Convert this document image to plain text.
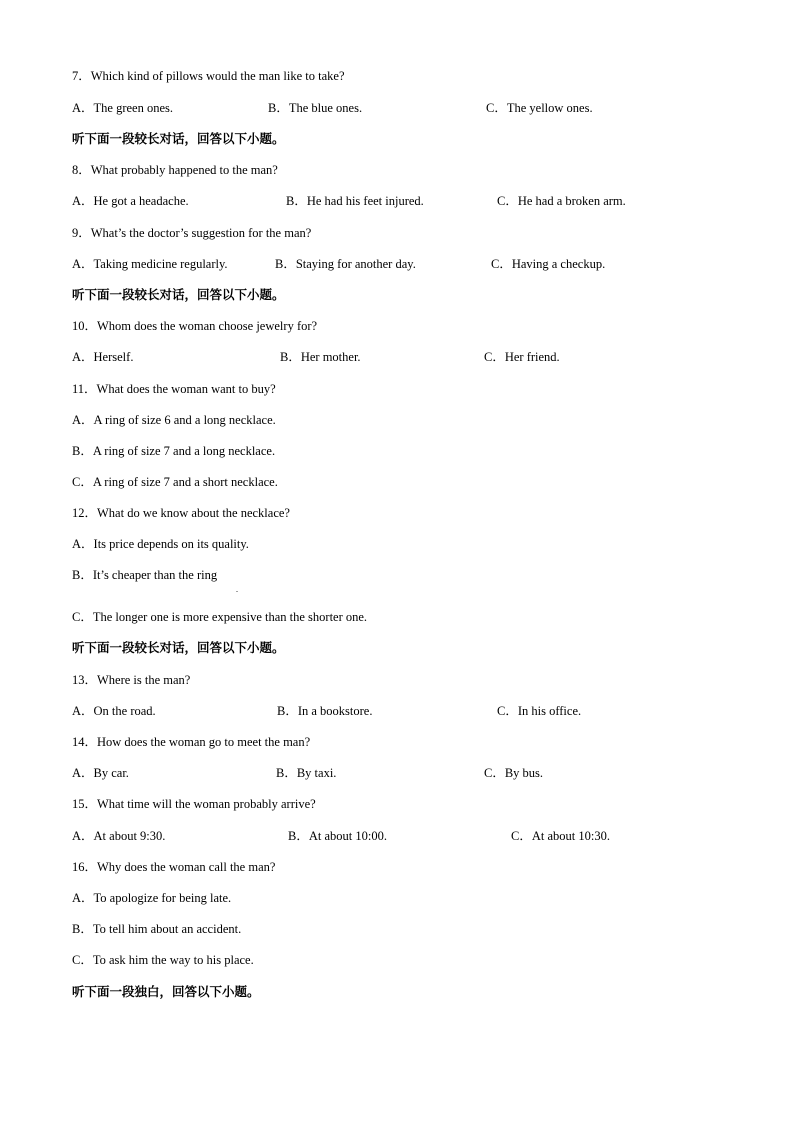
7．Which kind of pillows would the man like to take?
A．The green ones.	B．The blue ones.	C．The yellow ones.
听下面一段较长对话，回答以下小题。
8．What probably happened to the man?
A．He got a headache.	B．He had his feet injured.	C．He had a broken arm.
9．What’s the doctor’s suggestion for the man?
A．Taking medicine regularly.	B．Staying for another day.	C．Having a checkup.
听下面一段较长对话，回答以下小题。
10．Whom does the woman choose jewelry for?
A．Herself.	B．Her mother.	C．Her friend.
11．What does the woman want to buy?
A．A ring of size 6 and a long necklace.
B．A ring of size 7 and a long necklace.
C．A ring of size 7 and a short necklace.
12．What do we know about the necklace?
A．Its price depends on its quality.
B．It’s cheaper than the ring
.
C．The longer one is more expensive than the shorter one.
听下面一段较长对话，回答以下小题。
13．Where is the man?
A．On the road.	B．In a bookstore.	C．In his office.
14．How does the woman go to meet the man?
A．By car.	B．By taxi.	C．By bus.
15．What time will the woman probably arrive?
A．At about 9:30.	B．At about 10:00.	C．At about 10:30.
16．Why does the woman call the man?
A．To apologize for being late.
B．To tell him about an accident.
C．To ask him the way to his place.
听下面一段独白，回答以下小题。
